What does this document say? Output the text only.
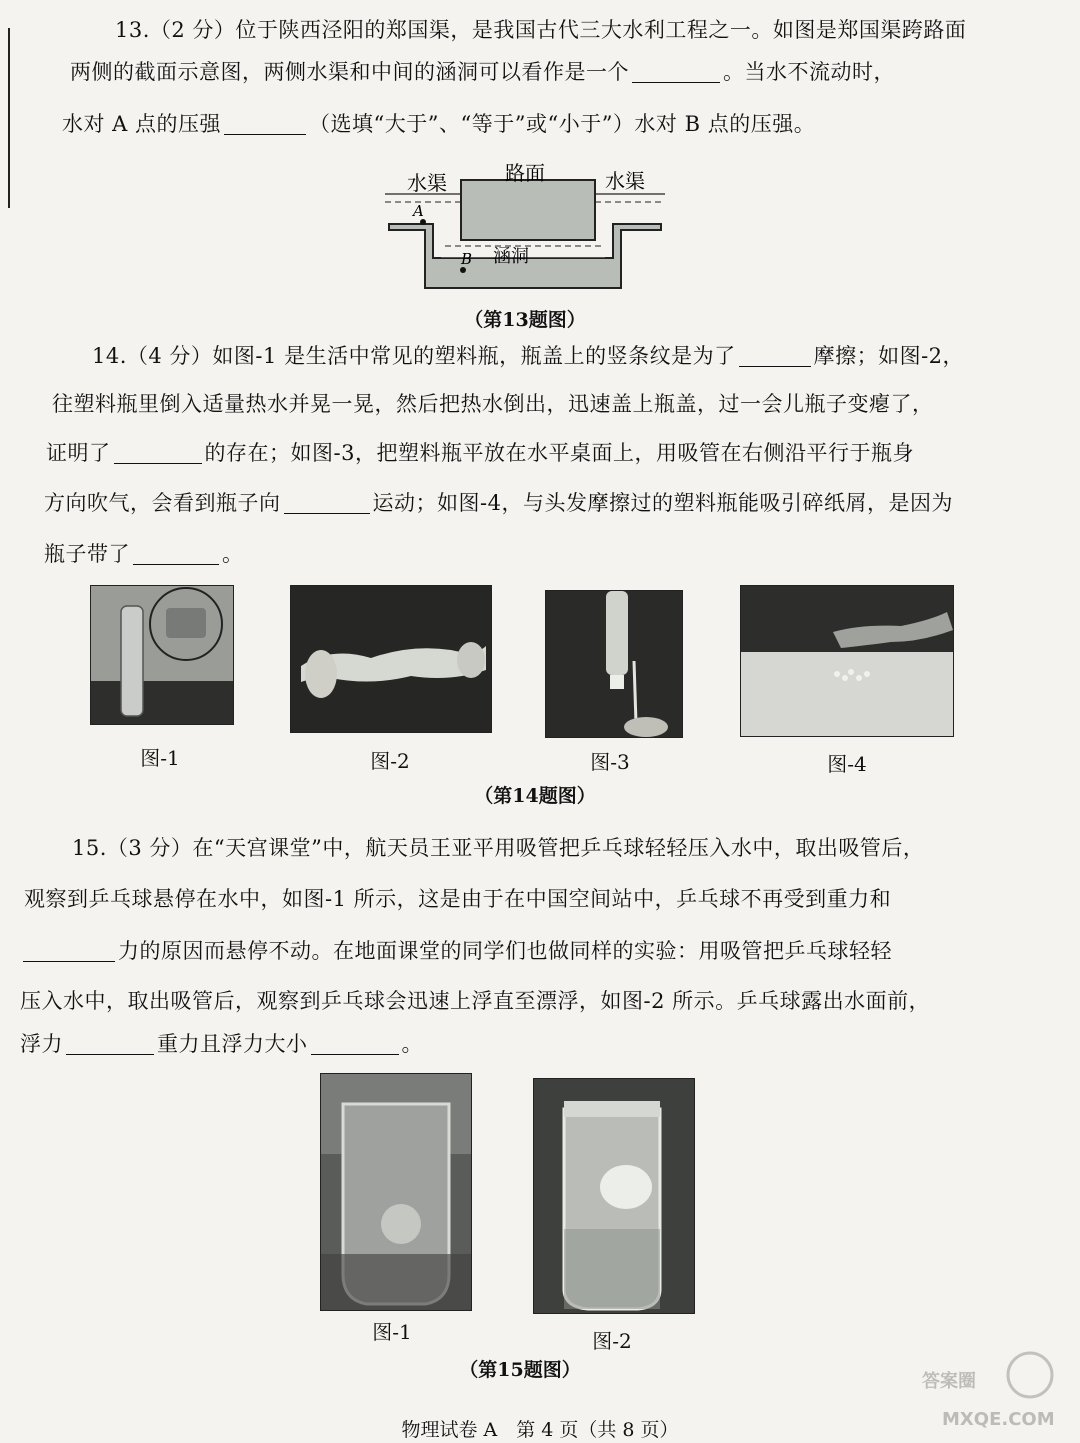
13.（2 分）位于陕西泾阳的郑国渠，是我国古代三大水利工程之一。如图是郑国渠跨路面

两侧的截面示意图，两侧水渠和中间的涵洞可以看作是一个	。当水不流动时，

水对 A 点的压强	（选填“大于”、“等于”或“小于”）水对 B 点的压强。

水渠	路面	水渠
A
B 涵洞
（第13题图）

14.（4 分）如图-1 是生活中常见的塑料瓶，瓶盖上的竖条纹是为了	摩擦；如图-2，

往塑料瓶里倒入适量热水并晃一晃，然后把热水倒出，迅速盖上瓶盖，过一会儿瓶子变瘪了，

证明了	的存在；如图-3，把塑料瓶平放在水平桌面上，用吸管在右侧沿平行于瓶身

方向吹气，会看到瓶子向	运动；如图-4，与头发摩擦过的塑料瓶能吸引碎纸屑，是因为

瓶子带了	。

图-1	图-2	图-3	图-4
（第14题图）

15.（3 分）在“天宫课堂”中，航天员王亚平用吸管把乒乓球轻轻压入水中，取出吸管后，

观察到乒乓球悬停在水中，如图-1 所示，这是由于在中国空间站中，乒乓球不再受到重力和

力的原因而悬停不动。在地面课堂的同学们也做同样的实验：用吸管把乒乓球轻轻

压入水中，取出吸管后，观察到乒乓球会迅速上浮直至漂浮，如图-2 所示。乒乓球露出水面前，

浮力	重力且浮力大小	。

图-1	图-2
（第15题图）
物理试卷 A　第 4 页（共 8 页）
答案圈
MXQE.COM
